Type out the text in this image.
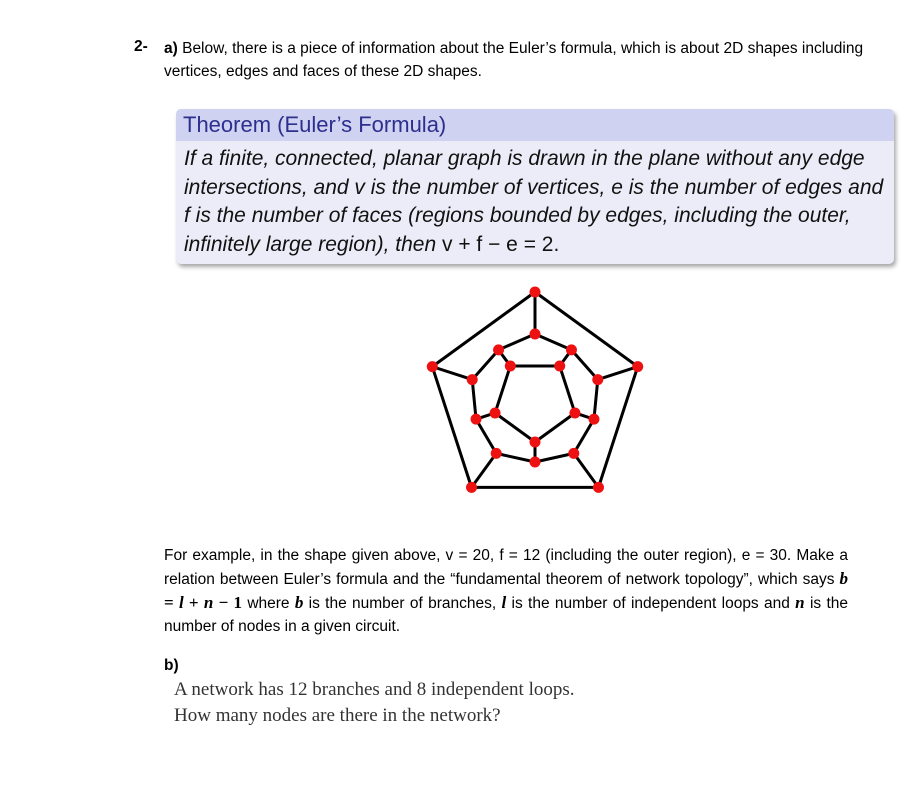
2- a) Below, there is a piece of information about the Euler’s formula, which is about 2D shapes including vertices, edges and faces of these 2D shapes.
Theorem (Euler’s Formula)
If a finite, connected, planar graph is drawn in the plane without any edge intersections, and v is the number of vertices, e is the number of edges and f is the number of faces (regions bounded by edges, including the outer, infinitely large region), then v + f − e = 2.
For example, in the shape given above, v = 20, f = 12 (including the outer region), e = 30. Make a relation between Euler’s formula and the “fundamental theorem of network topology”, which says b = l + n − 1 where b is the number of branches, l is the number of independent loops and n is the number of nodes in a given circuit.
b)
A network has 12 branches and 8 independent loops. How many nodes are there in the network?
